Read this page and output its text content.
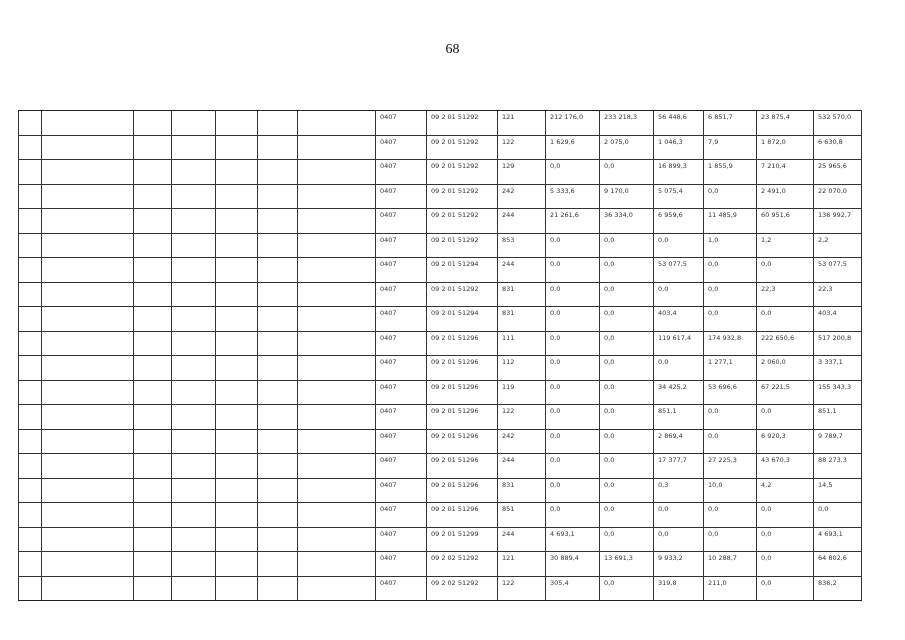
68
							0407	09 2 01 51292	121	212 176,0	233 218,3	56 448,6	6 851,7	23 875,4	532 570,0
							0407	09 2 01 51292	122	1 629,6	2 075,0	1 046,3	7,9	1 872,0	6 630,8
							0407	09 2 01 51292	129	0,0	0,0	16 899,3	1 855,9	7 210,4	25 965,6
							0407	09 2 01 51292	242	5 333,6	9 170,0	5 075,4	0,0	2 491,0	22 070,0
							0407	09 2 01 51292	244	21 261,6	36 334,0	6 959,6	11 485,9	60 951,6	136 992,7
							0407	09 2 01 51292	853	0,0	0,0	0,0	1,0	1,2	2,2
							0407	09 2 01 51294	244	0,0	0,0	53 077,5	0,0	0,0	53 077,5
							0407	09 2 01 51292	831	0,0	0,0	0,0	0,0	22,3	22,3
							0407	09 2 01 51294	831	0,0	0,0	403,4	0,0	0,0	403,4
							0407	09 2 01 51296	111	0,0	0,0	119 617,4	174 932,8	222 650,6	517 200,8
							0407	09 2 01 51296	112	0,0	0,0	0,0	1 277,1	2 060,0	3 337,1
							0407	09 2 01 51296	119	0,0	0,0	34 425,2	53 696,6	67 221,5	155 343,3
							0407	09 2 01 51296	122	0,0	0,0	851,1	0,0	0,0	851,1
							0407	09 2 01 51296	242	0,0	0,0	2 869,4	0,0	6 920,3	9 789,7
							0407	09 2 01 51296	244	0,0	0,0	17 377,7	27 225,3	43 670,3	88 273,3
							0407	09 2 01 51296	831	0,0	0,0	0,3	10,0	4,2	14,5
							0407	09 2 01 51296	851	0,0	0,0	0,0	0,0	0,0	0,0
							0407	09 2 01 51299	244	4 693,1	0,0	0,0	0,0	0,0	4 693,1
							0407	09 2 02 51292	121	30 889,4	13 691,3	9 933,2	10 288,7	0,0	64 802,6
							0407	09 2 02 51292	122	305,4	0,0	319,8	211,0	0,0	836,2
